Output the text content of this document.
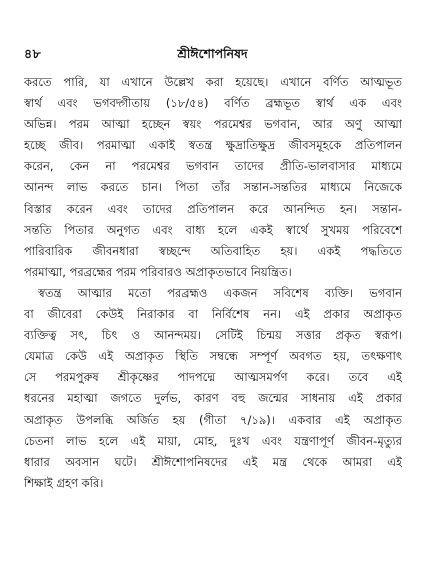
৪৮	শ্রীঈশোপনিষদ
করতে পারি, যা এখানে উল্লেখ করা হয়েছে। এখানে বর্ণিত আত্মভূত
স্বার্থ এবং ভগবদ্গীতায় (১৮/৫৪) বর্ণিত ব্রহ্মভূত স্বার্থ এক এবং
অভিন্ন। পরম আত্মা হচ্ছেন স্বয়ং পরমেশ্বর ভগবান, আর অণু আত্মা
হচ্ছে জীব। পরমাত্মা একাই স্বতন্ত্র ক্ষুদ্রাতিক্ষুদ্র জীবসমূহকে প্রতিপালন
করেন, কেন না পরমেশ্বর ভগবান তাদের প্রীতি-ভালবাসার মাধ্যমে
আনন্দ লাভ করতে চান। পিতা তাঁর সন্তান-সন্ততির মাধ্যমে নিজেকে
বিস্তার করেন এবং তাদের প্রতিপালন করে আনন্দিত হন। সন্তান-
সন্ততি পিতার অনুগত এবং বাধ্য হলে একই স্বার্থে সুখময় পরিবেশে
পারিবারিক জীবনধারা স্বচ্ছন্দে অতিবাহিত হয়। একই পদ্ধতিতে
পরমাত্মা, পরব্রহ্মের পরম পরিবারও অপ্রাকৃতভাবে নিয়ন্ত্রিত।
স্বতন্ত্র আত্মার মতো পরব্রহ্মও একজন সবিশেষ ব্যক্তি। ভগবান
বা জীবেরা কেউই নিরাকার বা নির্বিশেষ নন। এই প্রকার অপ্রাকৃত
ব্যক্তিত্ব সৎ, চিৎ ও আনন্দময়। সেটিই চিন্ময় সত্তার প্রকৃত স্বরূপ।
যেমাত্র কেউ এই অপ্রাকৃত স্থিতি সম্বন্ধে সম্পূর্ণ অবগত হয়, তৎক্ষণাৎ
সে পরমপুরুষ শ্রীকৃষ্ণের পাদপদ্মে আত্মসমর্পণ করে। তবে এই
ধরনের মহাত্মা জগতে দুর্লভ, কারণ বহু জন্মের সাধনায় এই প্রকার
অপ্রাকৃত উপলব্ধি অর্জিত হয় (গীতা ৭/১৯)। একবার এই অপ্রাকৃত
চেতনা লাভ হলে এই মায়া, মোহ, দুঃখ এবং যন্ত্রণাপূর্ণ জীবন-মৃত্যুর
ধারার অবসান ঘটে। শ্রীঈশোপনিষদের এই মন্ত্র থেকে আমরা এই
শিক্ষাই গ্রহণ করি।
